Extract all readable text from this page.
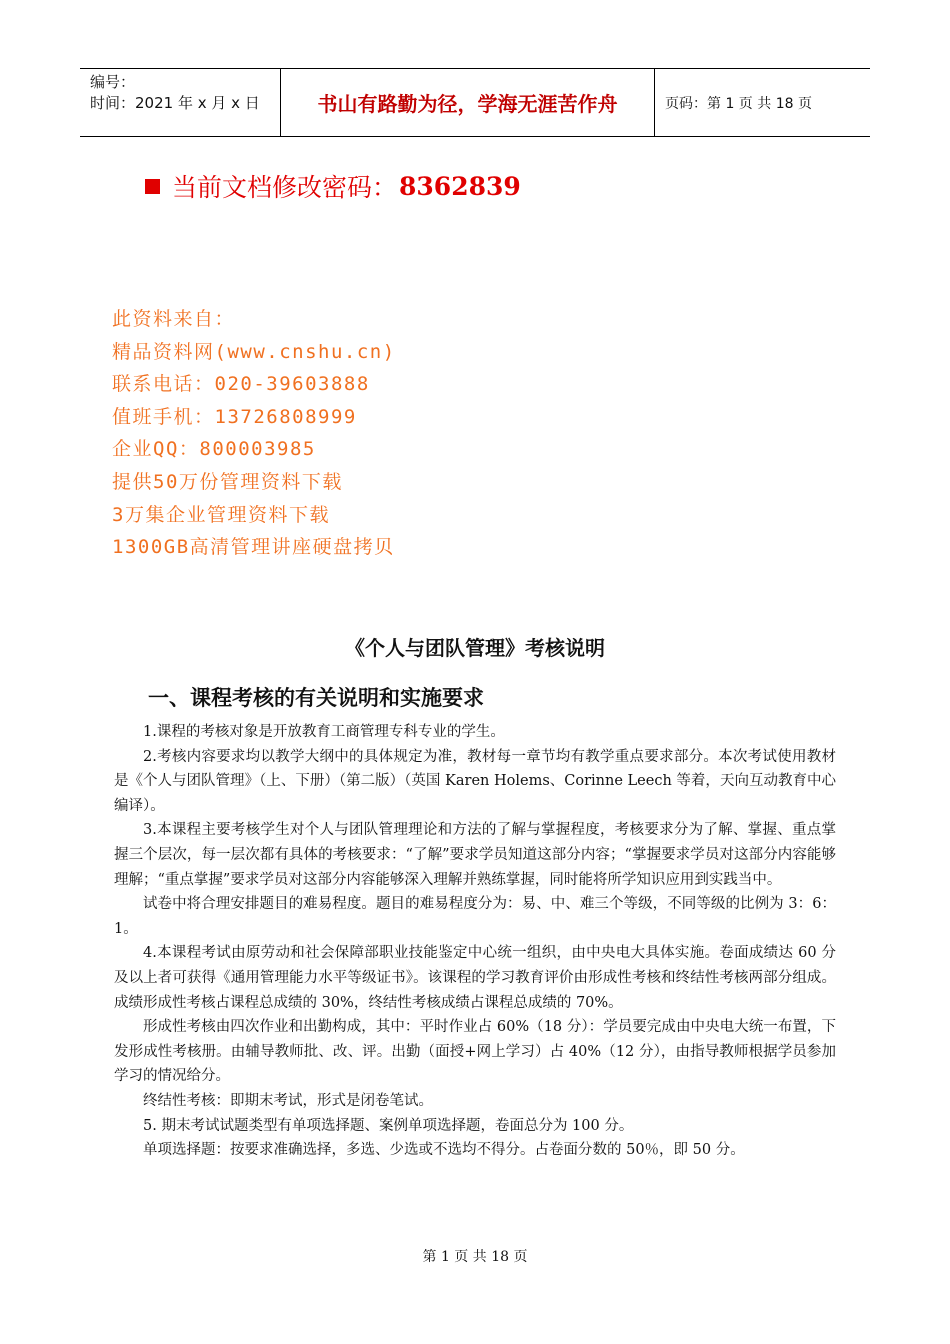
编号：
时间：2021 年 x 月 x 日	书山有路勤为径，学海无涯苦作舟	页码：第 1 页 共 18 页
当前文档修改密码： 8362839
此资料来自：
精品资料网(www.cnshu.cn)
联系电话：020-39603888
值班手机：13726808999
企业QQ：800003985
提供50万份管理资料下载
3万集企业管理资料下载
1300GB高清管理讲座硬盘拷贝
《个人与团队管理》考核说明
一、课程考核的有关说明和实施要求

1.课程的考核对象是开放教育工商管理专科专业的学生。

2.考核内容要求均以教学大纲中的具体规定为准，教材每一章节均有教学重点要求部分。本次考试使用教材是《个人与团队管理》（上、下册）（第二版）（英国 Karen Holems、Corinne Leech 等着，天向互动教育中心编译）。

3.本课程主要考核学生对个人与团队管理理论和方法的了解与掌握程度，考核要求分为了解、掌握、重点掌握三个层次，每一层次都有具体的考核要求：“了解”要求学员知道这部分内容；“掌握要求学员对这部分内容能够理解；“重点掌握”要求学员对这部分内容能够深入理解并熟练掌握，同时能将所学知识应用到实践当中。

试卷中将合理安排题目的难易程度。题目的难易程度分为：易、中、难三个等级，不同等级的比例为 3：6：1。

4.本课程考试由原劳动和社会保障部职业技能鉴定中心统一组织，由中央电大具体实施。卷面成绩达 60 分及以上者可获得《通用管理能力水平等级证书》。该课程的学习教育评价由形成性考核和终结性考核两部分组成。成绩形成性考核占课程总成绩的 30%，终结性考核成绩占课程总成绩的 70%。

形成性考核由四次作业和出勤构成，其中：平时作业占 60%（18 分）：学员要完成由中央电大统一布置，下发形成性考核册。由辅导教师批、改、评。出勤（面授+网上学习）占 40%（12 分），由指导教师根据学员参加学习的情况给分。

终结性考核：即期末考试，形式是闭卷笔试。

5. 期末考试试题类型有单项选择题、案例单项选择题，卷面总分为 100 分。

单项选择题：按要求准确选择，多选、少选或不选均不得分。占卷面分数的 50％，即 50 分。

第 1 页 共 18 页
